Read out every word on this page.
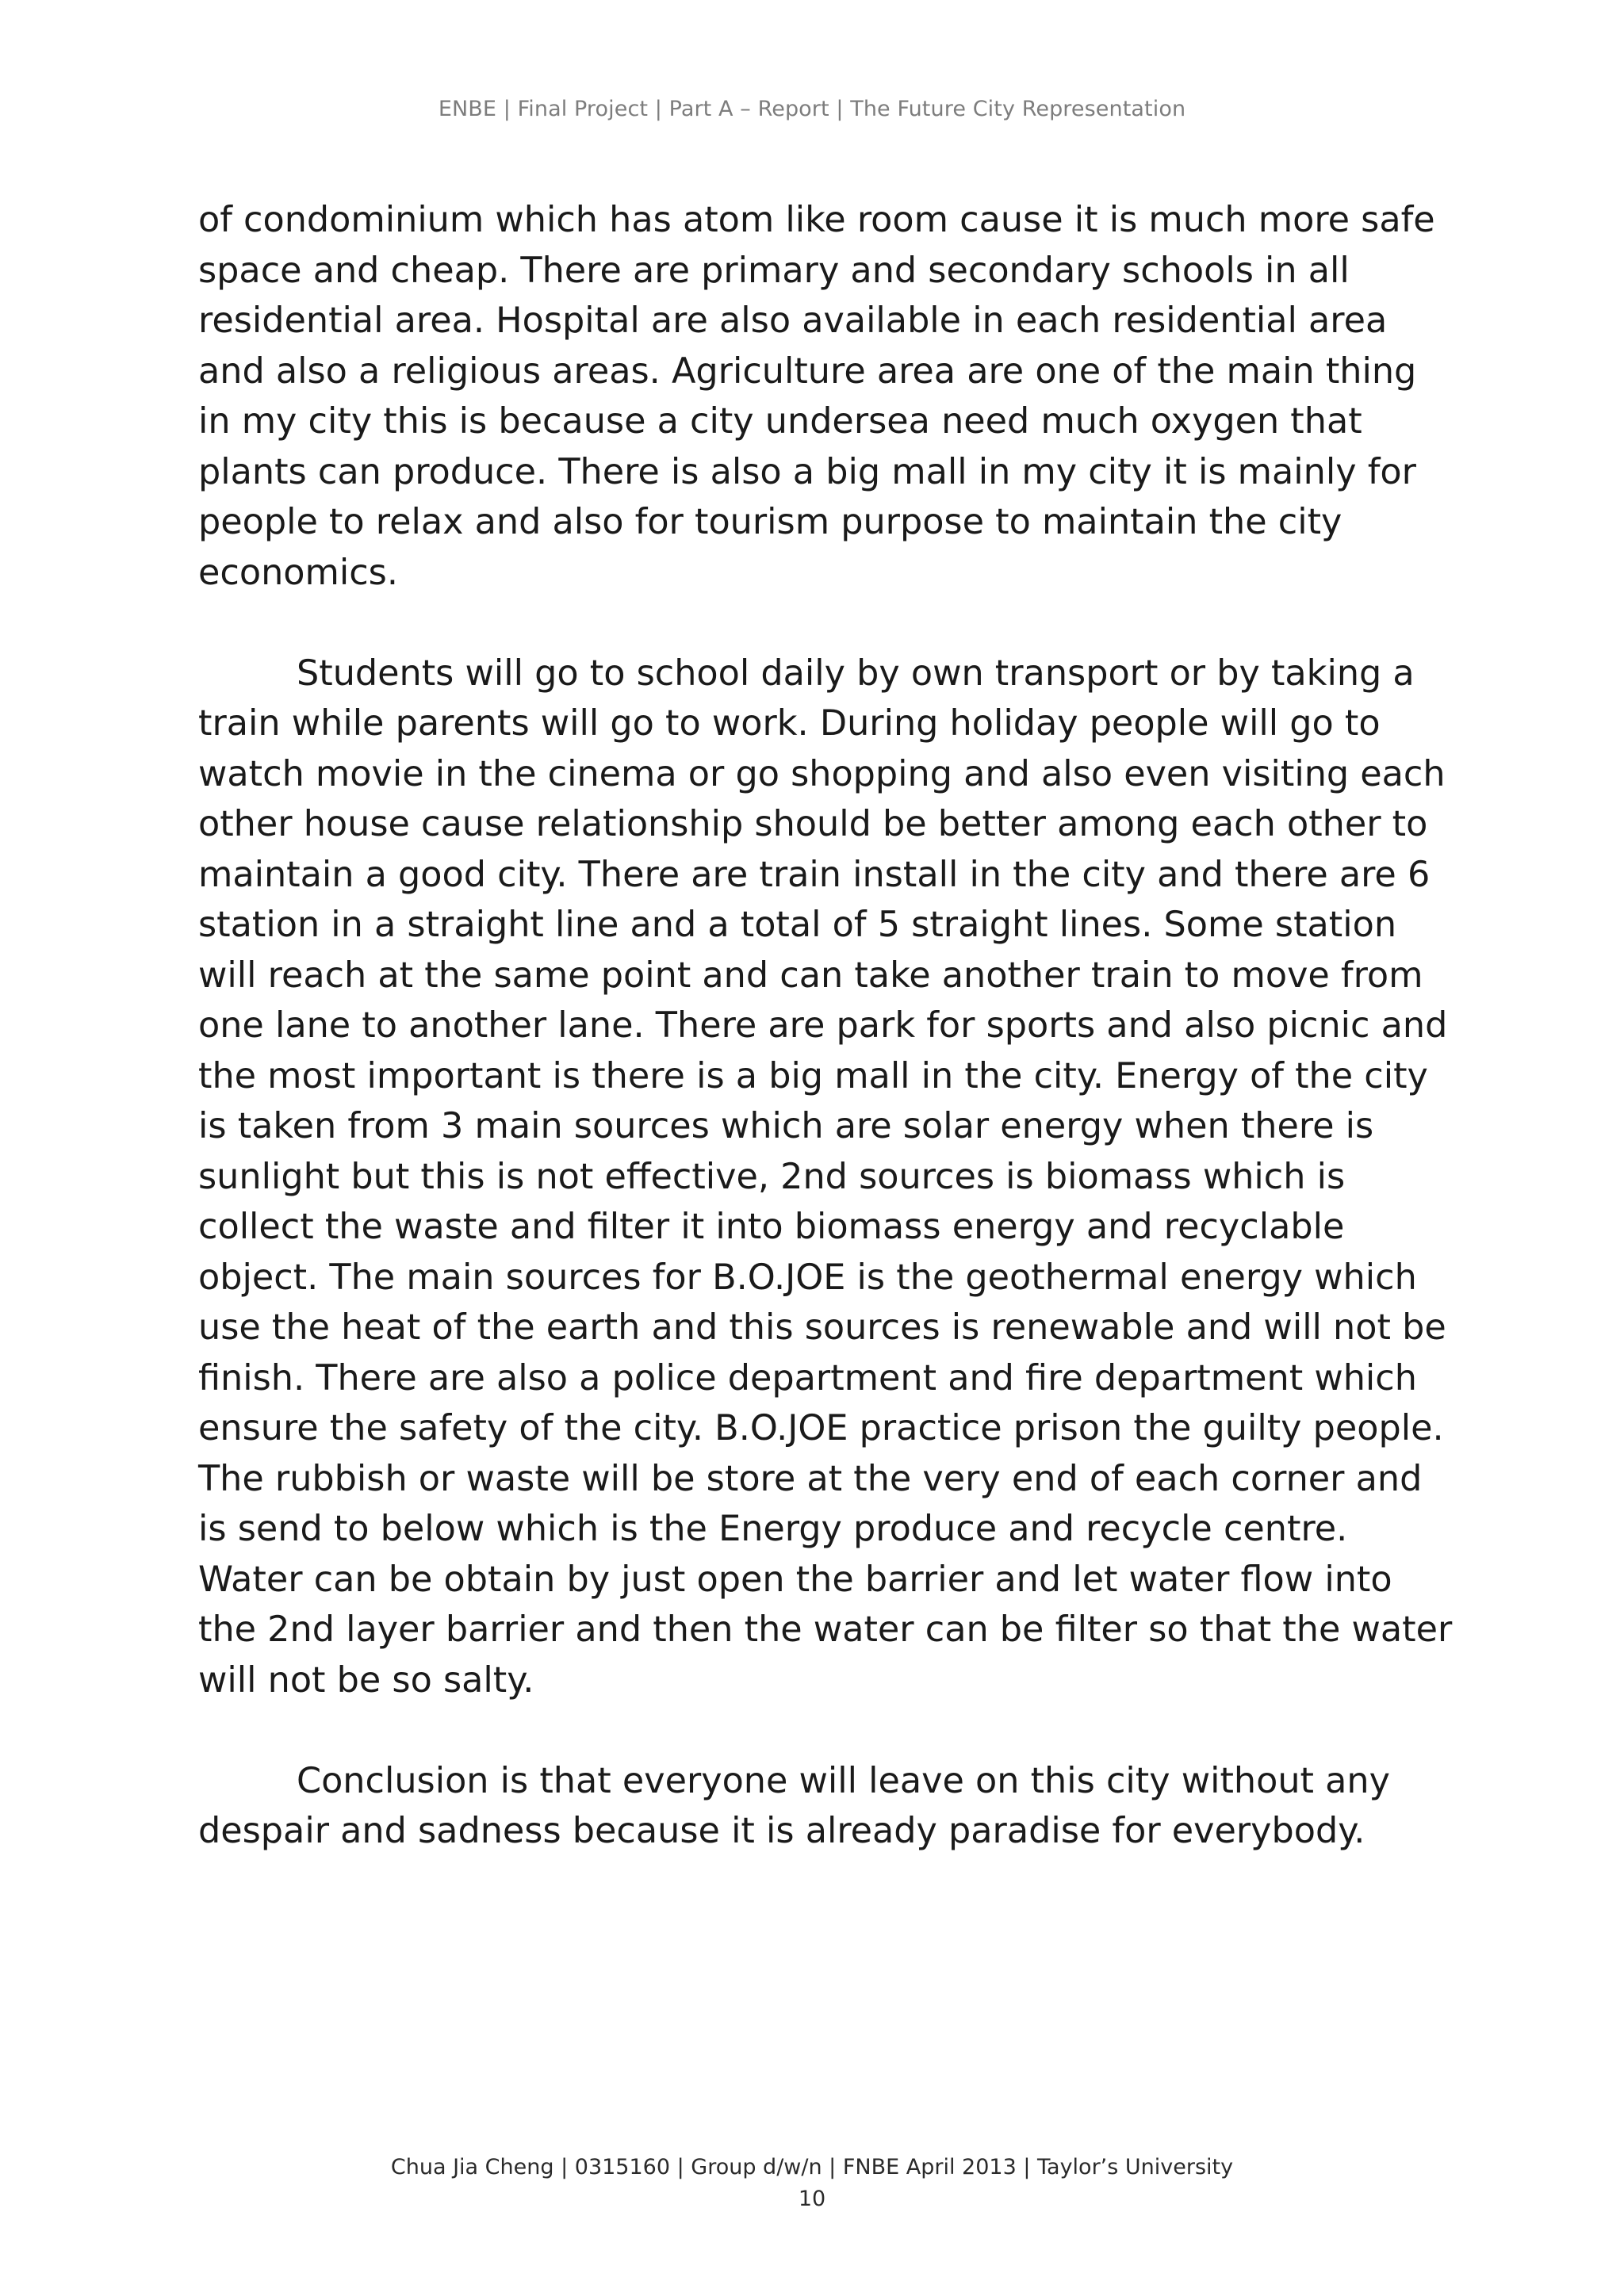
ENBE | Final Project | Part A – Report | The Future City Representation

of condominium which has atom like room cause it is much more safe space and cheap. There are primary and secondary schools in all residential area. Hospital are also available in each residential area and also a religious areas. Agriculture area are one of the main thing in my city this is because a city undersea need much oxygen that plants can produce. There is also a big mall in my city it is mainly for people to relax and also for tourism purpose to maintain the city economics.

Students will go to school daily by own transport or by taking a train while parents will go to work. During holiday people will go to watch movie in the cinema or go shopping and also even visiting each other house cause relationship should be better among each other to maintain a good city. There are train install in the city and there are 6 station in a straight line and a total of 5 straight lines. Some station will reach at the same point and can take another train to move from one lane to another lane. There are park for sports and also picnic and the most important is there is a big mall in the city. Energy of the city is taken from 3 main sources which are solar energy when there is sunlight but this is not effective, 2nd sources is biomass which is collect the waste and filter it into biomass energy and recyclable object. The main sources for B.O.JOE is the geothermal energy which use the heat of the earth and this sources is renewable and will not be finish. There are also a police department and fire department which ensure the safety of the city. B.O.JOE practice prison the guilty people. The rubbish or waste will be store at the very end of each corner and is send to below which is the Energy produce and recycle centre. Water can be obtain by just open the barrier and let water flow into the 2nd layer barrier and then the water can be filter so that the water will not be so salty.

Conclusion is that everyone will leave on this city without any despair and sadness because it is already paradise for everybody.

Chua Jia Cheng | 0315160 | Group d/w/n | FNBE April 2013 | Taylor’s University
10
